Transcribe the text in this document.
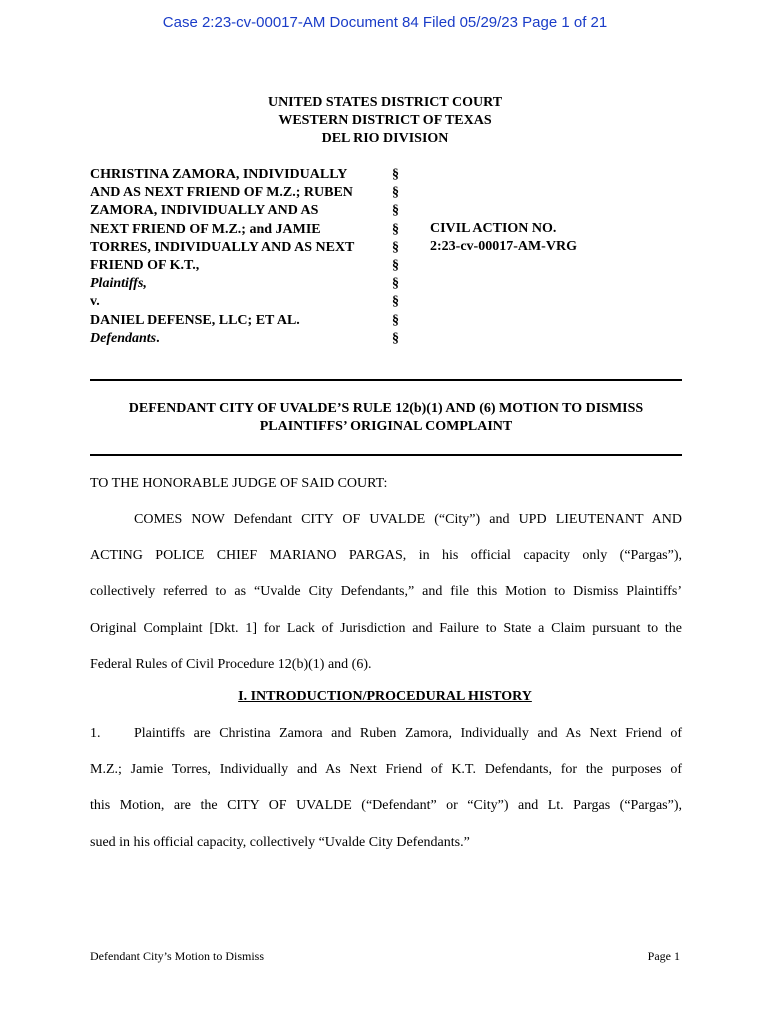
Case 2:23-cv-00017-AM Document 84 Filed 05/29/23 Page 1 of 21
UNITED STATES DISTRICT COURT
WESTERN DISTRICT OF TEXAS
DEL RIO DIVISION
CHRISTINA ZAMORA, INDIVIDUALLY
AND AS NEXT FRIEND OF M.Z.; RUBEN
ZAMORA, INDIVIDUALLY AND AS
NEXT FRIEND OF M.Z.; and JAMIE
TORRES, INDIVIDUALLY AND AS NEXT
FRIEND OF K.T.,
Plaintiffs,
v.
DANIEL DEFENSE, LLC; ET AL.
Defendants.
§
§
§
§
§
§
§
§
§
§
CIVIL ACTION NO.
2:23-cv-00017-AM-VRG
DEFENDANT CITY OF UVALDE’S RULE 12(b)(1) AND (6) MOTION TO DISMISS
PLAINTIFFS’ ORIGINAL COMPLAINT
TO THE HONORABLE JUDGE OF SAID COURT:
COMES NOW Defendant CITY OF UVALDE (“City”) and UPD LIEUTENANT AND
ACTING POLICE CHIEF MARIANO PARGAS, in his official capacity only (“Pargas”),
collectively referred to as “Uvalde City Defendants,” and file this Motion to Dismiss Plaintiffs’
Original Complaint [Dkt. 1] for Lack of Jurisdiction and Failure to State a Claim pursuant to the
Federal Rules of Civil Procedure 12(b)(1) and (6).
I. INTRODUCTION/PROCEDURAL HISTORY
1. Plaintiffs are Christina Zamora and Ruben Zamora, Individually and As Next Friend of
M.Z.; Jamie Torres, Individually and As Next Friend of K.T. Defendants, for the purposes of
this Motion, are the CITY OF UVALDE (“Defendant” or “City”) and Lt. Pargas (“Pargas”),
sued in his official capacity, collectively “Uvalde City Defendants.”
Defendant City’s Motion to Dismiss	Page 1
